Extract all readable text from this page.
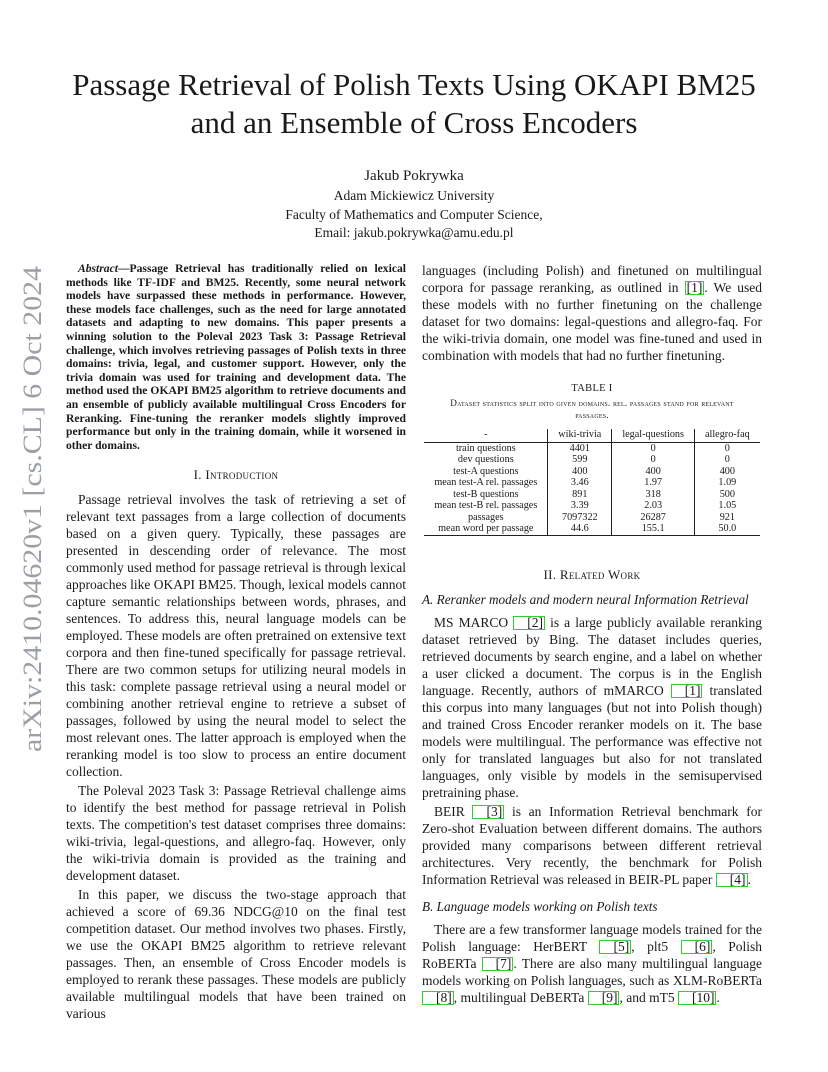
arXiv:2410.04620v1 [cs.CL] 6 Oct 2024
Passage Retrieval of Polish Texts Using OKAPI BM25 and an Ensemble of Cross Encoders
Jakub Pokrywka
Adam Mickiewicz University
Faculty of Mathematics and Computer Science,
Email: jakub.pokrywka@amu.edu.pl
Abstract—Passage Retrieval has traditionally relied on lexical methods like TF-IDF and BM25. Recently, some neural network models have surpassed these methods in performance. However, these models face challenges, such as the need for large annotated datasets and adapting to new domains. This paper presents a winning solution to the Poleval 2023 Task 3: Passage Retrieval challenge, which involves retrieving passages of Polish texts in three domains: trivia, legal, and customer support. However, only the trivia domain was used for training and development data. The method used the OKAPI BM25 algorithm to retrieve documents and an ensemble of publicly available multilingual Cross Encoders for Reranking. Fine-tuning the reranker models slightly improved performance but only in the training domain, while it worsened in other domains.
I. Introduction

Passage retrieval involves the task of retrieving a set of relevant text passages from a large collection of documents based on a given query. Typically, these passages are presented in descending order of relevance. The most commonly used method for passage retrieval is through lexical approaches like OKAPI BM25. Though, lexical models cannot capture semantic relationships between words, phrases, and sentences. To address this, neural language models can be employed. These models are often pretrained on extensive text corpora and then fine-tuned specifically for passage retrieval. There are two common setups for utilizing neural models in this task: complete passage retrieval using a neural model or combining another retrieval engine to retrieve a subset of passages, followed by using the neural model to select the most relevant ones. The latter approach is employed when the reranking model is too slow to process an entire document collection.

The Poleval 2023 Task 3: Passage Retrieval challenge aims to identify the best method for passage retrieval in Polish texts. The competition's test dataset comprises three domains: wiki-trivia, legal-questions, and allegro-faq. However, only the wiki-trivia domain is provided as the training and development dataset.

In this paper, we discuss the two-stage approach that achieved a score of 69.36 NDCG@10 on the final test competition dataset. Our method involves two phases. Firstly, we use the OKAPI BM25 algorithm to retrieve relevant passages. Then, an ensemble of Cross Encoder models is employed to rerank these passages. These models are publicly available multilingual models that have been trained on various

languages (including Polish) and finetuned on multilingual corpora for passage reranking, as outlined in [1] . We used these models with no further finetuning on the challenge dataset for two domains: legal-questions and allegro-faq. For the wiki-trivia domain, one model was fine-tuned and used in combination with models that had no further finetuning.

TABLE I
Dataset statistics split into given domains. rel. passages stand for relevant passages.
-	wiki-trivia	legal-questions	allegro-faq
train questions	4401	0	0
dev questions	599	0	0
test-A questions	400	400	400
mean test-A rel. passages	3.46	1.97	1.09
test-B questions	891	318	500
mean test-B rel. passages	3.39	2.03	1.05
passages	7097322	26287	921
mean word per passage	44.6	155.1	50.0
II. Related Work
A. Reranker models and modern neural Information Retrieval

MS MARCO [2] is a large publicly available reranking dataset retrieved by Bing. The dataset includes queries, retrieved documents by search engine, and a label on whether a user clicked a document. The corpus is in the English language. Recently, authors of mMARCO [1] translated this corpus into many languages (but not into Polish though) and trained Cross Encoder reranker models on it. The base models were multilingual. The performance was effective not only for translated languages but also for not translated languages, only visible by models in the semisupervised pretraining phase.

BEIR [3] is an Information Retrieval benchmark for Zero-shot Evaluation between different domains. The authors provided many comparisons between different retrieval architectures. Very recently, the benchmark for Polish Information Retrieval was released in BEIR-PL paper [4] .

B. Language models working on Polish texts

There are a few transformer language models trained for the Polish language: HerBERT [5] , plt5 [6] , Polish RoBERTa [7] . There are also many multilingual language models working on Polish languages, such as XLM-RoBERTa [8] , multilingual DeBERTa [9] , and mT5 [10] .
